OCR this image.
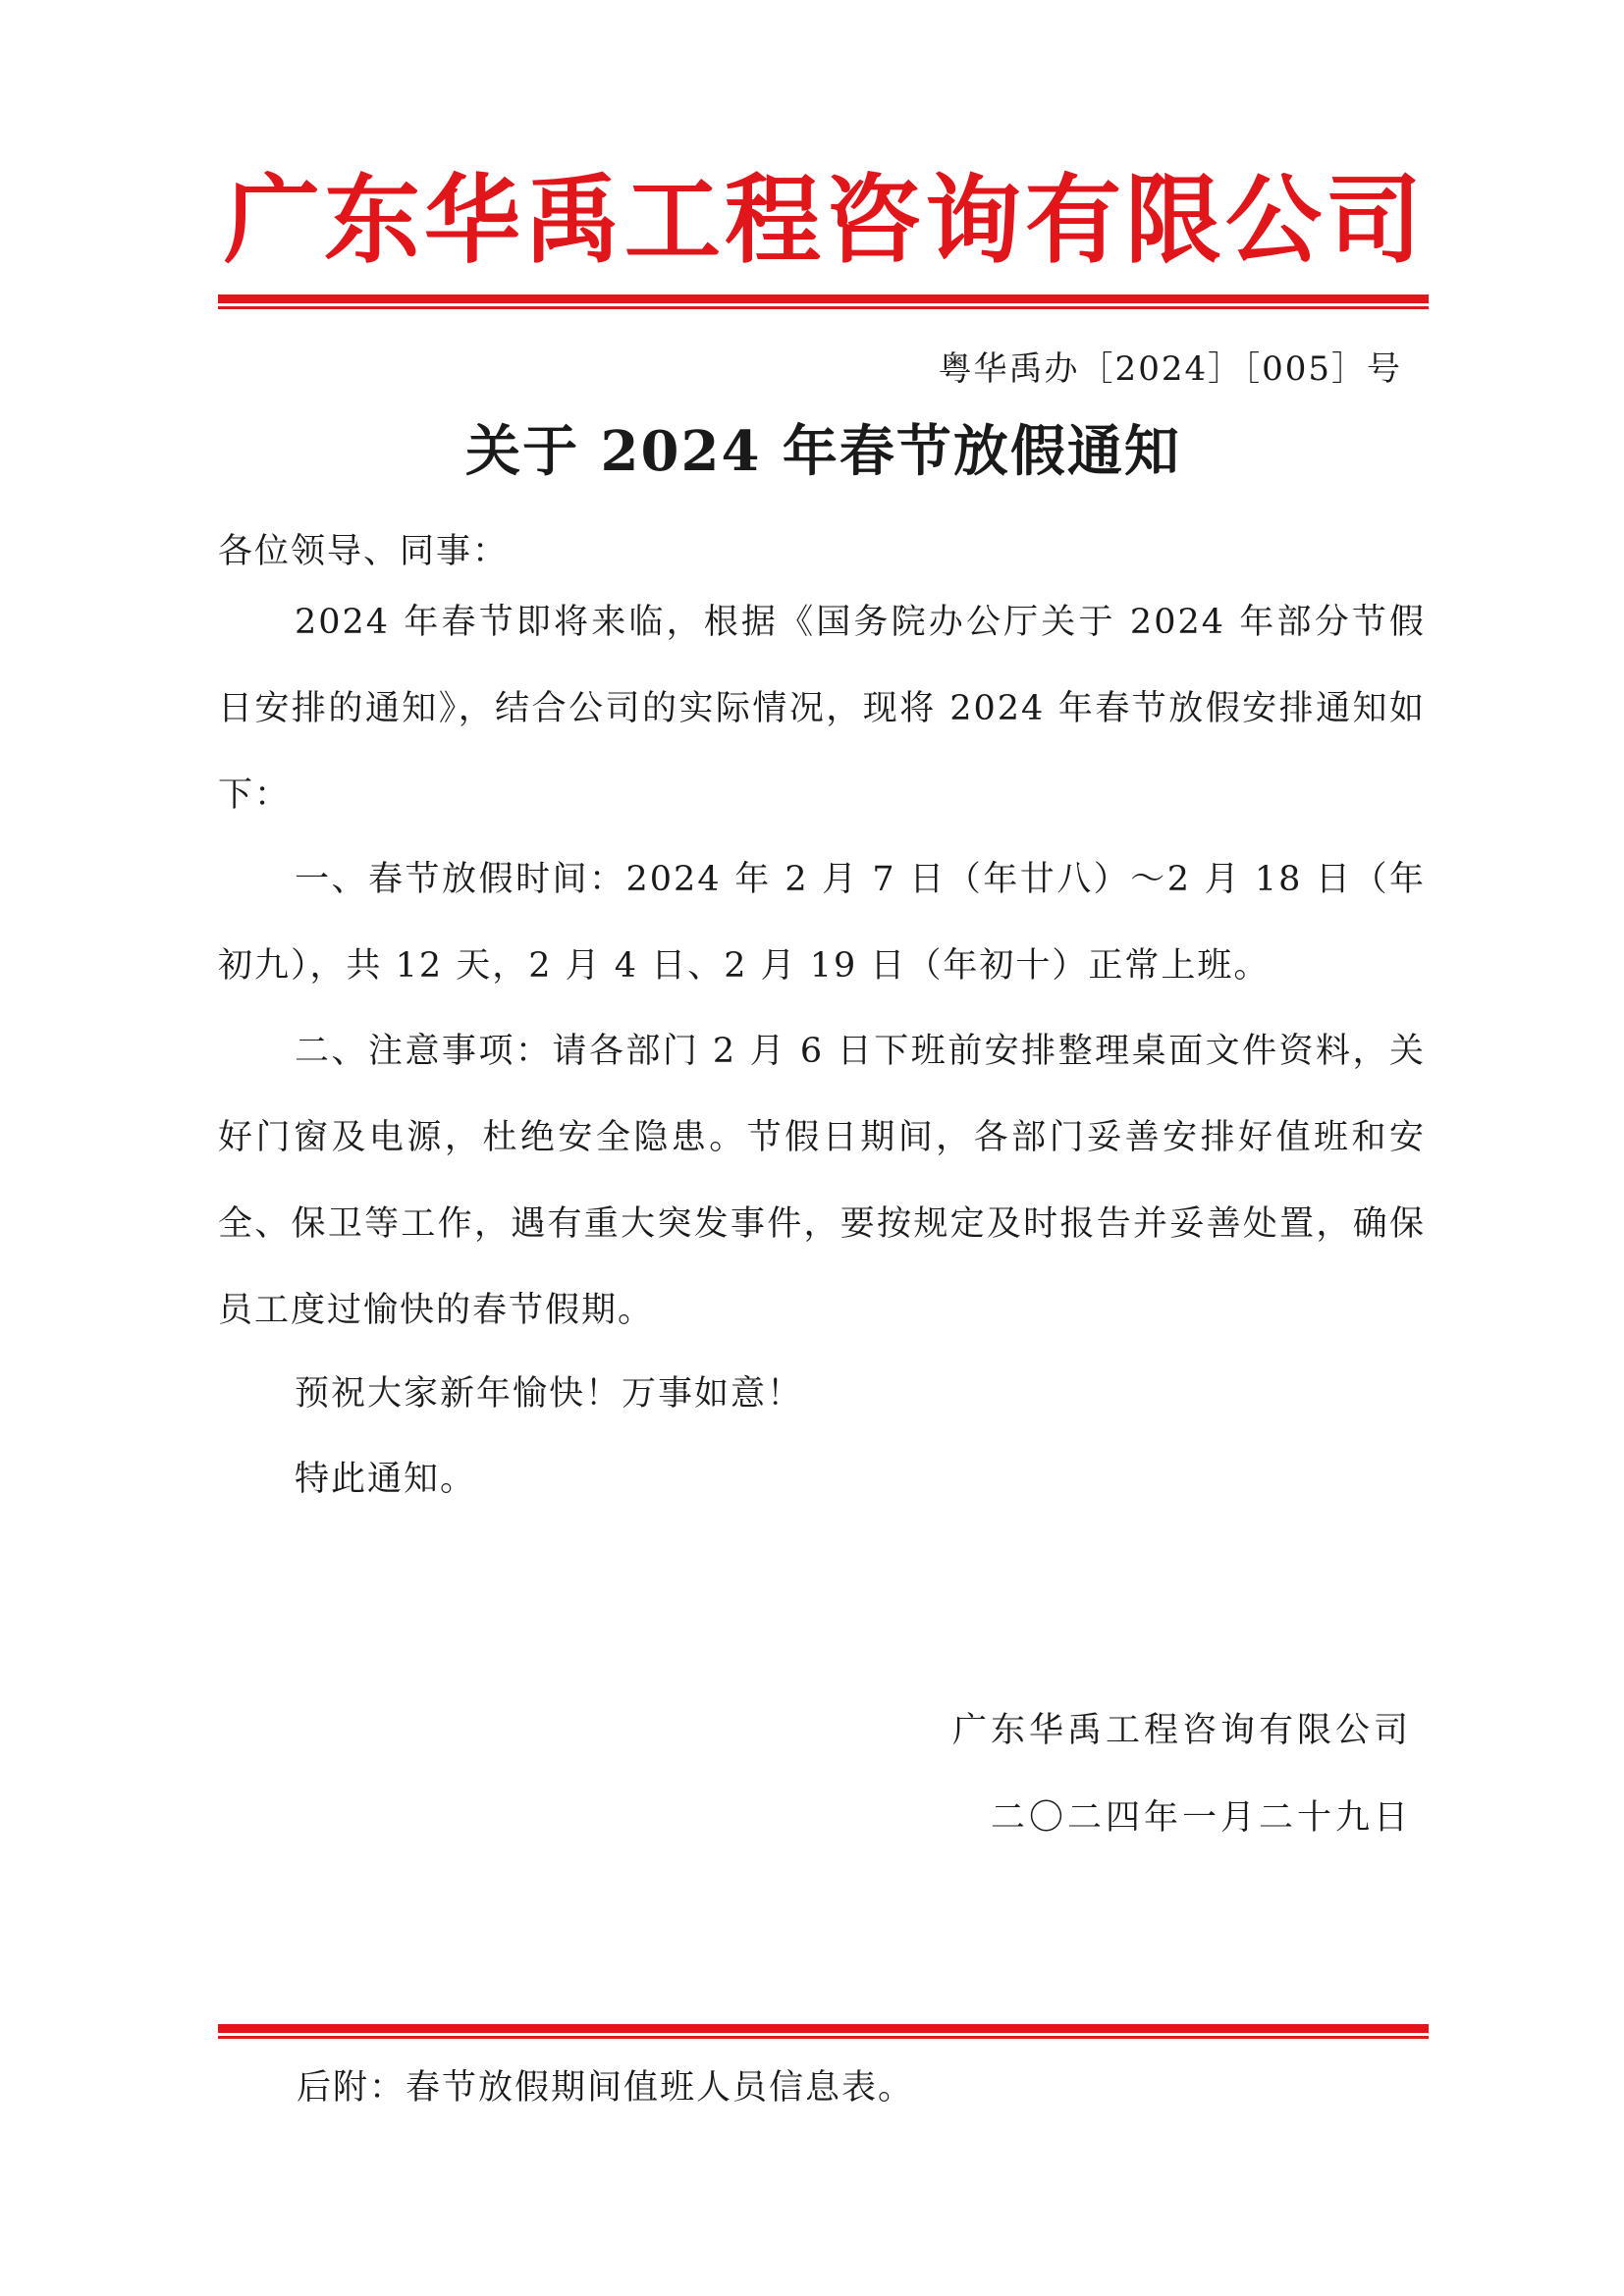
广东华禹工程咨询有限公司
粤华禹办［2024］［005］号
关于 2024 年春节放假通知

各位领导、同事：

2024 年春节即将来临，根据《国务院办公厅关于 2024 年部分节假日安排的通知》，结合公司的实际情况，现将 2024 年春节放假安排通知如下：

一、春节放假时间：2024 年 2 月 7 日（年廿八）～2 月 18 日（年初九），共 12 天，2 月 4 日、2 月 19 日（年初十）正常上班。

二、注意事项：请各部门 2 月 6 日下班前安排整理桌面文件资料，关好门窗及电源，杜绝安全隐患。节假日期间，各部门妥善安排好值班和安全、保卫等工作，遇有重大突发事件，要按规定及时报告并妥善处置，确保员工度过愉快的春节假期。

预祝大家新年愉快！万事如意！

特此通知。

广东华禹工程咨询有限公司
二〇二四年一月二十九日
后附：春节放假期间值班人员信息表。
